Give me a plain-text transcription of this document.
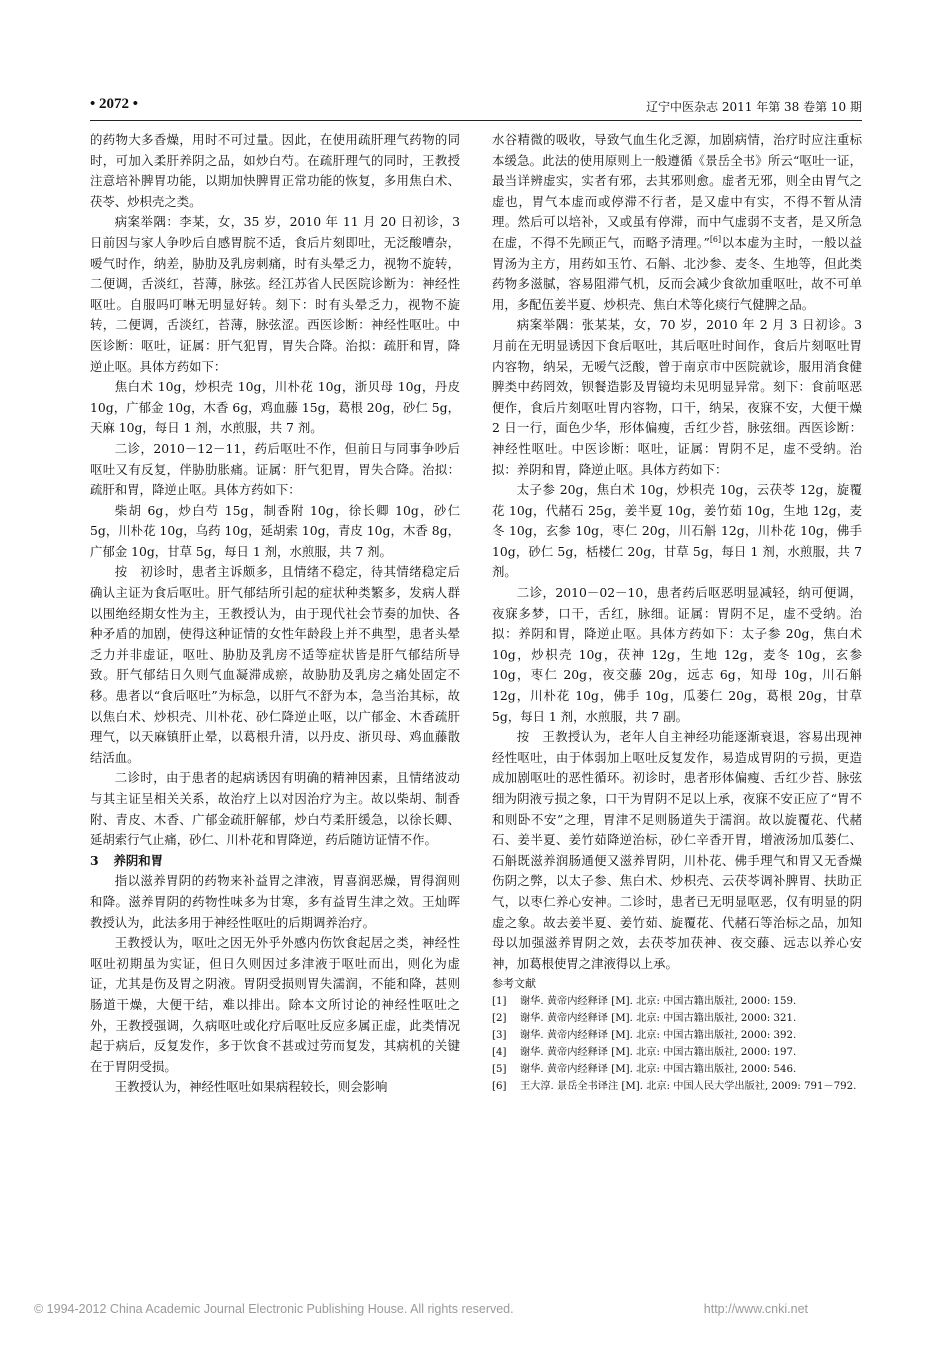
• 2072 •	辽宁中医杂志 2011 年第 38 卷第 10 期

的药物大多香燥，用时不可过量。因此，在使用疏肝理气药物的同时，可加入柔肝养阴之品，如炒白芍。在疏肝理气的同时，王教授注意培补脾胃功能，以期加快脾胃正常功能的恢复，多用焦白术、茯苓、炒枳壳之类。

病案举隅：李某，女，35 岁，2010 年 11 月 20 日初诊，3 日前因与家人争吵后自感胃脘不适，食后片刻即吐，无泛酸嘈杂，嗳气时作，纳差，胁肋及乳房刺痛，时有头晕乏力，视物不旋转，二便调，舌淡红，苔薄，脉弦。经江苏省人民医院诊断为：神经性呕吐。自服吗叮啉无明显好转。刻下：时有头晕乏力，视物不旋转，二便调，舌淡红，苔薄，脉弦涩。西医诊断：神经性呕吐。中医诊断：呕吐，证属：肝气犯胃，胃失合降。治拟：疏肝和胃，降逆止呕。具体方药如下：

焦白术 10g，炒枳壳 10g，川朴花 10g，浙贝母 10g，丹皮 10g，广郁金 10g，木香 6g，鸡血藤 15g，葛根 20g，砂仁 5g，天麻 10g，每日 1 剂，水煎服，共 7 剂。

二诊，2010－12－11，药后呕吐不作，但前日与同事争吵后呕吐又有反复，伴胁肋胀痛。证属：肝气犯胃，胃失合降。治拟：疏肝和胃，降逆止呕。具体方药如下：

柴胡 6g，炒白芍 15g，制香附 10g，徐长卿 10g，砂仁 5g，川朴花 10g，乌药 10g，延胡索 10g，青皮 10g，木香 8g，广郁金 10g，甘草 5g，每日 1 剂，水煎服，共 7 剂。

按　初诊时，患者主诉颇多，且情绪不稳定，待其情绪稳定后确认主证为食后呕吐。肝气郁结所引起的症状种类繁多，发病人群以围绝经期女性为主，王教授认为，由于现代社会节奏的加快、各种矛盾的加剧，使得这种证情的女性年龄段上并不典型，患者头晕乏力并非虚证，呕吐、胁肋及乳房不适等症状皆是肝气郁结所导致。肝气郁结日久则气血凝滞成瘀，故胁肋及乳房之痛处固定不移。患者以“食后呕吐”为标急，以肝气不舒为本，急当治其标，故以焦白术、炒枳壳、川朴花、砂仁降逆止呕，以广郁金、木香疏肝理气，以天麻镇肝止晕，以葛根升清，以丹皮、浙贝母、鸡血藤散结活血。

二诊时，由于患者的起病诱因有明确的精神因素，且情绪波动与其主证呈相关关系，故治疗上以对因治疗为主。故以柴胡、制香附、青皮、木香、广郁金疏肝解郁，炒白芍柔肝缓急，以徐长卿、延胡索行气止痛，砂仁、川朴花和胃降逆，药后随访证情不作。

3 养阴和胃

指以滋养胃阴的药物来补益胃之津液，胃喜润恶燥，胃得润则和降。滋养胃阴的药物性味多为甘寒，多有益胃生津之效。王灿晖教授认为，此法多用于神经性呕吐的后期调养治疗。

王教授认为，呕吐之因无外乎外感内伤饮食起居之类，神经性呕吐初期虽为实证，但日久则因过多津液于呕吐而出，则化为虚证，尤其是伤及胃之阴液。胃阴受损则胃失濡润，不能和降，甚则肠道干燥，大便干结，难以排出。除本文所讨论的神经性呕吐之外，王教授强调，久病呕吐或化疗后呕吐反应多属正虚，此类情况起于病后，反复发作，多于饮食不甚或过劳而复发，其病机的关键在于胃阴受损。

王教授认为，神经性呕吐如果病程较长，则会影响

水谷精微的吸收，导致气血生化乏源，加剧病情，治疗时应注重标本缓急。此法的使用原则上一般遵循《景岳全书》所云“呕吐一证，最当详辨虚实，实者有邪，去其邪则愈。虚者无邪，则全由胃气之虚也，胃气本虚而或停滞不行者，是又虚中有实，不得不暂从清理。然后可以培补，又或虽有停滞，而中气虚弱不支者，是又所急在虚，不得不先顾正气，而略予清理。”[6]以本虚为主时，一般以益胃汤为主方，用药如玉竹、石斛、北沙参、麦冬、生地等，但此类药物多滋腻，容易阻滞气机，反而会减少食欲加重呕吐，故不可单用，多配伍姜半夏、炒枳壳、焦白术等化痰行气健脾之品。

病案举隅：张某某，女，70 岁，2010 年 2 月 3 日初诊。3 月前在无明显诱因下食后呕吐，其后呕吐时间作，食后片刻呕吐胃内容物，纳呆，无嗳气泛酸，曾于南京市中医院就诊，服用消食健脾类中药罔效，钡餐造影及胃镜均未见明显异常。刻下：食前呕恶便作，食后片刻呕吐胃内容物，口干，纳呆，夜寐不安，大便干燥 2 日一行，面色少华，形体偏瘦，舌红少苔，脉弦细。西医诊断：神经性呕吐。中医诊断：呕吐，证属：胃阴不足，虚不受纳。治拟：养阴和胃，降逆止呕。具体方药如下：

太子参 20g，焦白术 10g，炒枳壳 10g，云茯苓 12g，旋覆花 10g，代赭石 25g，姜半夏 10g，姜竹茹 10g，生地 12g，麦冬 10g，玄参 10g，枣仁 20g，川石斛 12g，川朴花 10g，佛手 10g，砂仁 5g，栝楼仁 20g，甘草 5g，每日 1 剂，水煎服，共 7 剂。

二诊，2010－02－10，患者药后呕恶明显减轻，纳可便调，夜寐多梦，口干，舌红，脉细。证属：胃阴不足，虚不受纳。治拟：养阴和胃，降逆止呕。具体方药如下：太子参 20g，焦白术 10g，炒枳壳 10g，茯神 12g，生地 12g，麦冬 10g，玄参 10g，枣仁 20g，夜交藤 20g，远志 6g，知母 10g，川石斛 12g，川朴花 10g，佛手 10g，瓜蒌仁 20g，葛根 20g，甘草 5g，每日 1 剂，水煎服，共 7 副。

按　王教授认为，老年人自主神经功能逐渐衰退，容易出现神经性呕吐，由于体弱加上呕吐反复发作，易造成胃阴的亏损，更造成加剧呕吐的恶性循环。初诊时，患者形体偏瘦、舌红少苔、脉弦细为阴液亏损之象，口干为胃阴不足以上承，夜寐不安正应了“胃不和则卧不安”之理，胃津不足则肠道失于濡润。故以旋覆花、代赭石、姜半夏、姜竹茹降逆治标，砂仁辛香开胃，增液汤加瓜蒌仁、石斛既滋养润肠通便又滋养胃阴，川朴花、佛手理气和胃又无香燥伤阴之弊，以太子参、焦白术、炒枳壳、云茯苓调补脾胃、扶助正气，以枣仁养心安神。二诊时，患者已无明显呕恶，仅有明显的阴虚之象。故去姜半夏、姜竹茹、旋覆花、代赭石等治标之品，加知母以加强滋养胃阴之效，去茯苓加茯神、夜交藤、远志以养心安神，加葛根使胃之津液得以上承。

参考文献

[1] 谢华. 黄帝内经释译 [M]. 北京: 中国古籍出版社, 2000: 159.
[2] 谢华. 黄帝内经释译 [M]. 北京: 中国古籍出版社, 2000: 321.
[3] 谢华. 黄帝内经释译 [M]. 北京: 中国古籍出版社, 2000: 392.
[4] 谢华. 黄帝内经释译 [M]. 北京: 中国古籍出版社, 2000: 197.
[5] 谢华. 黄帝内经释译 [M]. 北京: 中国古籍出版社, 2000: 546.
[6] 王大淳. 景岳全书译注 [M]. 北京: 中国人民大学出版社, 2009: 791－792.
© 1994-2012 China Academic Journal Electronic Publishing House. All rights reserved.	http://www.cnki.net
